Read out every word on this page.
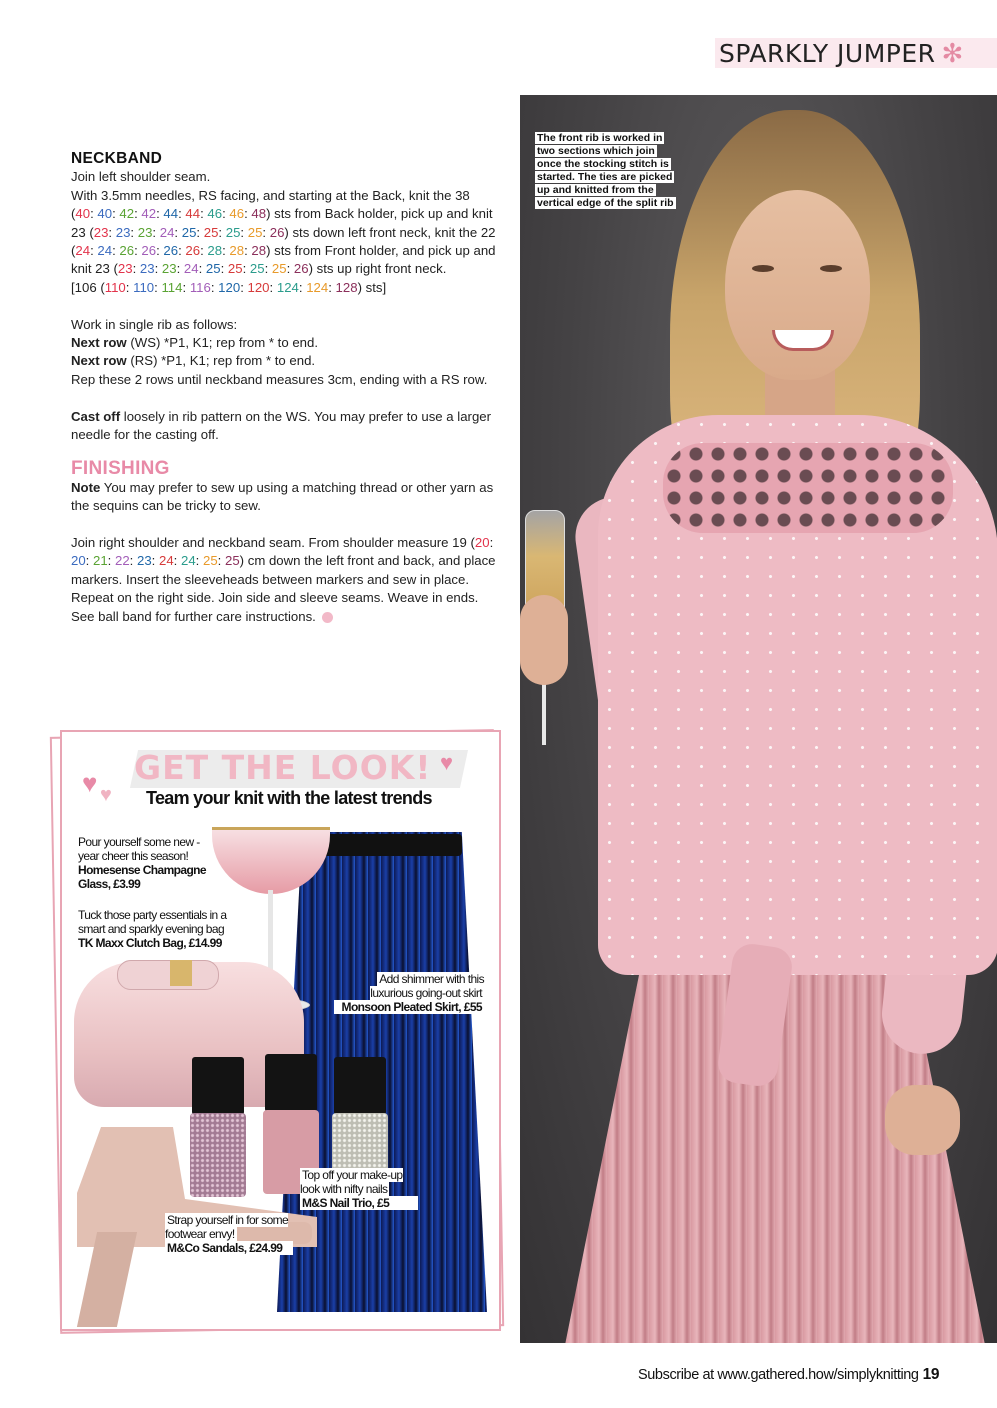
SPARKLY JUMPER ✻
NECKBAND

Join left shoulder seam.

With 3.5mm needles, RS facing, and starting at the Back, knit the 38 (40: 40: 42: 42: 44: 44: 46: 46: 48) sts from Back holder, pick up and knit 23 (23: 23: 23: 24: 25: 25: 25: 25: 26) sts down left front neck, knit the 22 (24: 24: 26: 26: 26: 26: 28: 28: 28) sts from Front holder, and pick up and knit 23 (23: 23: 23: 24: 25: 25: 25: 25: 26) sts up right front neck.

[106 (110: 110: 114: 116: 120: 120: 124: 124: 128) sts]

Work in single rib as follows:

Next row (WS) *P1, K1; rep from * to end.

Next row (RS) *P1, K1; rep from * to end.

Rep these 2 rows until neckband measures 3cm, ending with a RS row.

Cast off loosely in rib pattern on the WS. You may prefer to use a larger needle for the casting off.

FINISHING

Note You may prefer to sew up using a matching thread or other yarn as the sequins can be tricky to sew.

Join right shoulder and neckband seam. From shoulder measure 19 (20: 20: 21: 22: 23: 24: 24: 25: 25) cm down the left front and back, and place markers. Insert the sleeveheads between markers and sew in place. Repeat on the right side. Join side and sleeve seams. Weave in ends. See ball band for further care instructions.

The front rib is worked in two sections which join once the stocking stitch is started. The ties are picked up and knitted from the vertical edge of the split rib
GET THE LOOK!
♥ ♥
♥
Team your knit with the latest trends
Pour yourself some new -year cheer this season!
Homesense Champagne Glass, £3.99
Tuck those party essentials in a smart and sparkly evening bag
TK Maxx Clutch Bag, £14.99
Add shimmer with this luxurious going-out skirt
Monsoon Pleated Skirt, £55
Top off your make-up look with nifty nails
M&S Nail Trio, £5
Strap yourself in for some footwear envy!
M&Co Sandals, £24.99
Subscribe at www.gathered.how/simplyknitting 19
